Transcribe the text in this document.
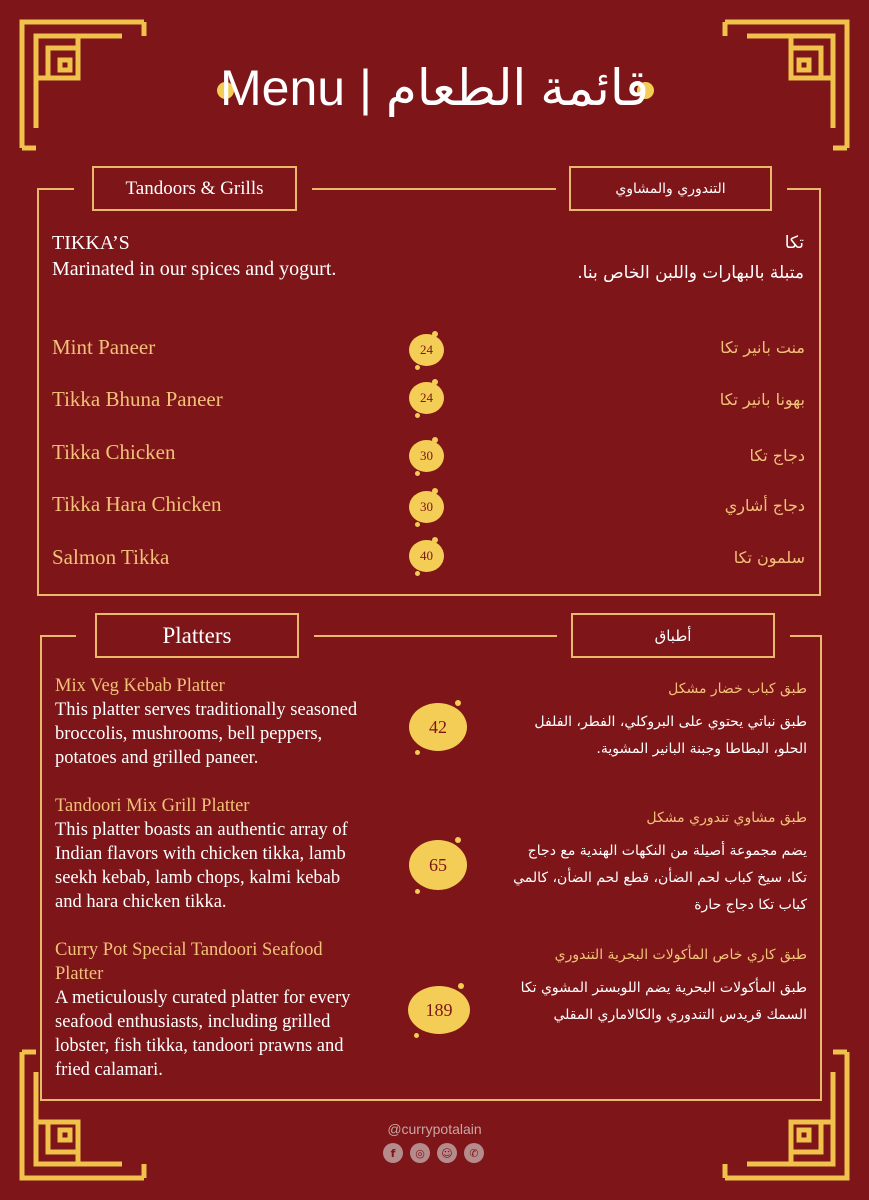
Menu | قائمة الطعام
Tandoors & Grills	التندوري والمشاوي
TIKKA’S
Marinated in our spices and yogurt.
تكا
متبلة بالبهارات واللبن الخاص بنا.
Mint Paneer	24	منت بانير تكا
Tikka Bhuna Paneer	24	بهونا بانير تكا
Tikka Chicken	30	دجاج تكا
Tikka Hara Chicken	30	دجاج أشاري
Salmon Tikka	40	سلمون تكا
Platters	أطباق
Mix Veg Kebab Platter
This platter serves traditionally seasoned broccolis, mushrooms, bell peppers, potatoes and grilled paneer.
42
طبق كباب خضار مشكل
طبق نباتي يحتوي على البروكلي، الفطر، الفلفل الحلو، البطاطا وجبنة البانير المشوية.
Tandoori Mix Grill Platter
This platter boasts an authentic array of Indian flavors with chicken tikka, lamb seekh kebab, lamb chops, kalmi kebab and hara chicken tikka.
65
طبق مشاوي تندوري مشكل
يضم مجموعة أصيلة من النكهات الهندية مع دجاج تكا، سيخ كباب لحم الضأن، قطع لحم الضأن، كالمي كباب تكا دجاج حارة
Curry Pot Special Tandoori Seafood Platter
A meticulously curated platter for every seafood enthusiasts, including grilled lobster, fish tikka, tandoori prawns and fried calamari.
189
طبق كاري خاص المأكولات البحرية التندوري
طبق المأكولات البحرية يضم اللوبستر المشوي تكا السمك قريدس التندوري والكالاماري المقلي
@currypotalain
f	◎	☺	✆
